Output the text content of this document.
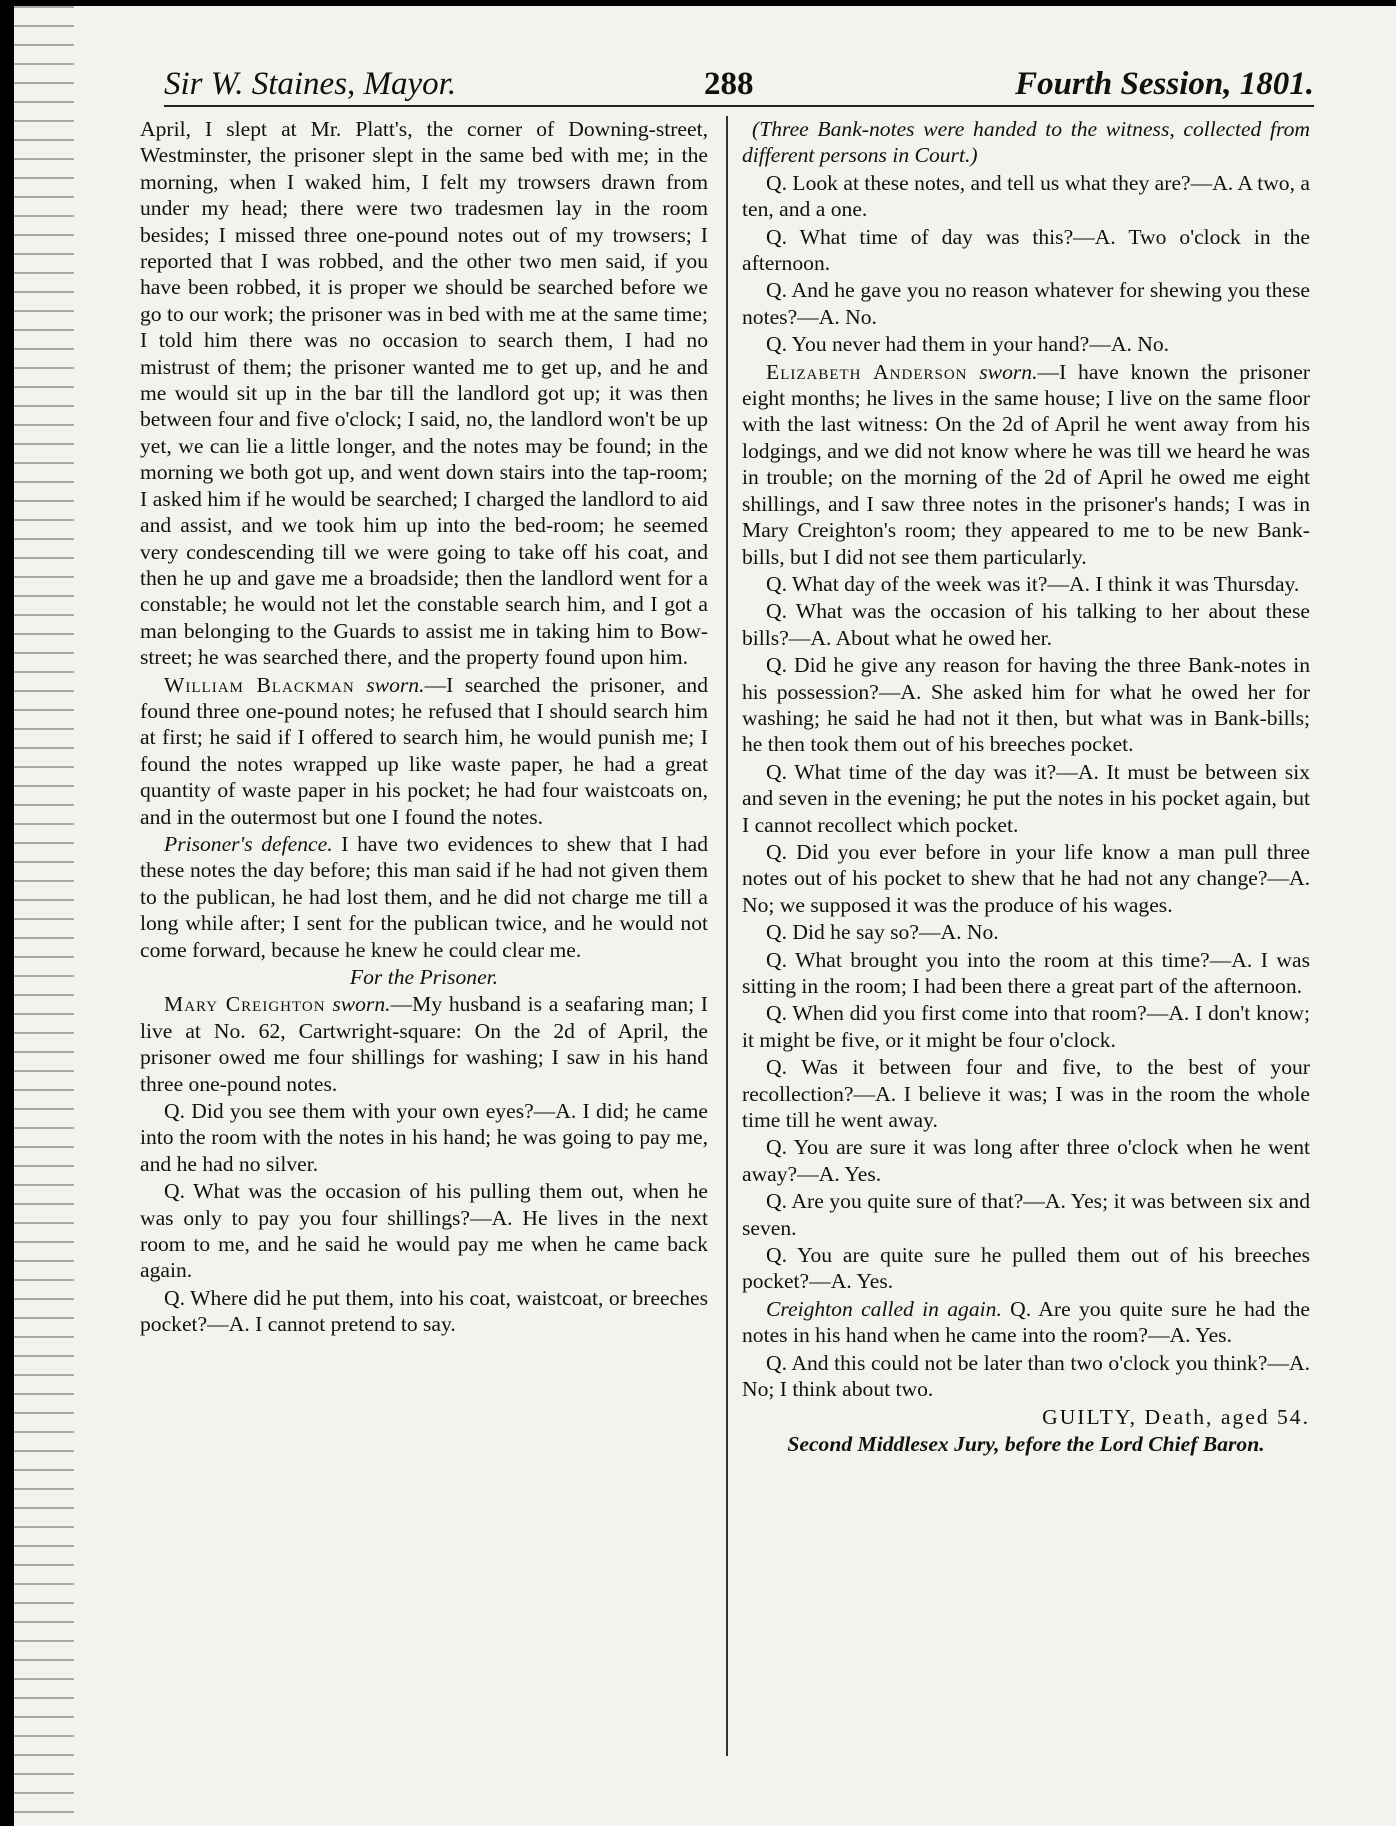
Sir W. Staines, Mayor.	288	Fourth Session, 1801.

April, I slept at Mr. Platt's, the corner of Downing-street, Westminster, the prisoner slept in the same bed with me; in the morning, when I waked him, I felt my trowsers drawn from under my head; there were two tradesmen lay in the room besides; I missed three one-pound notes out of my trowsers; I reported that I was robbed, and the other two men said, if you have been robbed, it is proper we should be searched before we go to our work; the prisoner was in bed with me at the same time; I told him there was no occasion to search them, I had no mistrust of them; the prisoner wanted me to get up, and he and me would sit up in the bar till the landlord got up; it was then between four and five o'clock; I said, no, the landlord won't be up yet, we can lie a little longer, and the notes may be found; in the morning we both got up, and went down stairs into the tap-room; I asked him if he would be searched; I charged the landlord to aid and assist, and we took him up into the bed-room; he seemed very condescending till we were going to take off his coat, and then he up and gave me a broadside; then the landlord went for a constable; he would not let the constable search him, and I got a man belonging to the Guards to assist me in taking him to Bow-street; he was searched there, and the property found upon him.

William Blackman sworn.—I searched the prisoner, and found three one-pound notes; he refused that I should search him at first; he said if I offered to search him, he would punish me; I found the notes wrapped up like waste paper, he had a great quantity of waste paper in his pocket; he had four waistcoats on, and in the outermost but one I found the notes.

Prisoner's defence. I have two evidences to shew that I had these notes the day before; this man said if he had not given them to the publican, he had lost them, and he did not charge me till a long while after; I sent for the publican twice, and he would not come forward, because he knew he could clear me.

For the Prisoner.

Mary Creighton sworn.—My husband is a seafaring man; I live at No. 62, Cartwright-square: On the 2d of April, the prisoner owed me four shillings for washing; I saw in his hand three one-pound notes.

Q. Did you see them with your own eyes?—A. I did; he came into the room with the notes in his hand; he was going to pay me, and he had no silver.

Q. What was the occasion of his pulling them out, when he was only to pay you four shillings?—A. He lives in the next room to me, and he said he would pay me when he came back again.

Q. Where did he put them, into his coat, waistcoat, or breeches pocket?—A. I cannot pretend to say.

(Three Bank-notes were handed to the witness, collected from different persons in Court.)

Q. Look at these notes, and tell us what they are?—A. A two, a ten, and a one.

Q. What time of day was this?—A. Two o'clock in the afternoon.

Q. And he gave you no reason whatever for shewing you these notes?—A. No.

Q. You never had them in your hand?—A. No.

Elizabeth Anderson sworn.—I have known the prisoner eight months; he lives in the same house; I live on the same floor with the last witness: On the 2d of April he went away from his lodgings, and we did not know where he was till we heard he was in trouble; on the morning of the 2d of April he owed me eight shillings, and I saw three notes in the prisoner's hands; I was in Mary Creighton's room; they appeared to me to be new Bank-bills, but I did not see them particularly.

Q. What day of the week was it?—A. I think it was Thursday.

Q. What was the occasion of his talking to her about these bills?—A. About what he owed her.

Q. Did he give any reason for having the three Bank-notes in his possession?—A. She asked him for what he owed her for washing; he said he had not it then, but what was in Bank-bills; he then took them out of his breeches pocket.

Q. What time of the day was it?—A. It must be between six and seven in the evening; he put the notes in his pocket again, but I cannot recollect which pocket.

Q. Did you ever before in your life know a man pull three notes out of his pocket to shew that he had not any change?—A. No; we supposed it was the produce of his wages.

Q. Did he say so?—A. No.

Q. What brought you into the room at this time?—A. I was sitting in the room; I had been there a great part of the afternoon.

Q. When did you first come into that room?—A. I don't know; it might be five, or it might be four o'clock.

Q. Was it between four and five, to the best of your recollection?—A. I believe it was; I was in the room the whole time till he went away.

Q. You are sure it was long after three o'clock when he went away?—A. Yes.

Q. Are you quite sure of that?—A. Yes; it was between six and seven.

Q. You are quite sure he pulled them out of his breeches pocket?—A. Yes.

Creighton called in again. Q. Are you quite sure he had the notes in his hand when he came into the room?—A. Yes.

Q. And this could not be later than two o'clock you think?—A. No; I think about two.

GUILTY, Death, aged 54.

Second Middlesex Jury, before the Lord Chief Baron.
